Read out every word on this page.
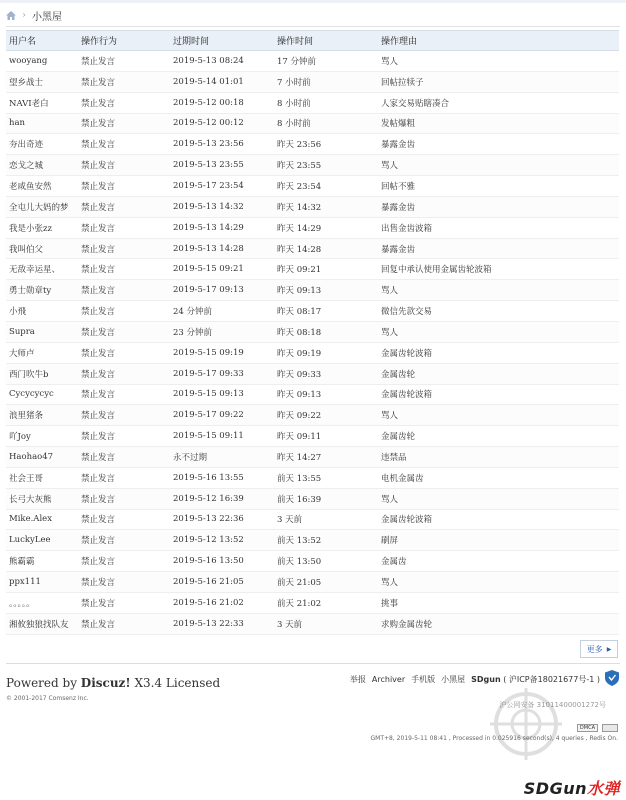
› 小黑屋
用户名	操作行为	过期时间	操作时间	操作理由
wooyang	禁止发言	2019-5-13 08:24	17 分钟前	骂人
望乡战士	禁止发言	2019-5-14 01:01	7 小时前	回帖拉犊子
NAVI老白	禁止发言	2019-5-12 00:18	8 小时前	人家交易贴瞎凑合
han	禁止发言	2019-5-12 00:12	8 小时前	发帖爆粗
夯出奇迹	禁止发言	2019-5-13 23:56	昨天 23:56	暴露金齿
恋戈之城	禁止发言	2019-5-13 23:55	昨天 23:55	骂人
老咸鱼安然	禁止发言	2019-5-17 23:54	昨天 23:54	回帖不雅
全屯儿大妈的梦	禁止发言	2019-5-13 14:32	昨天 14:32	暴露金齿
我是小张zz	禁止发言	2019-5-13 14:29	昨天 14:29	出售金齿波箱
我叫伯父	禁止发言	2019-5-13 14:28	昨天 14:28	暴露金齿
无敌幸运星、	禁止发言	2019-5-15 09:21	昨天 09:21	回复中承认使用金属齿轮波箱
勇士勋章ty	禁止发言	2019-5-17 09:13	昨天 09:13	骂人
小飛	禁止发言	24 分钟前	昨天 08:17	微信先款交易
Supra	禁止发言	23 分钟前	昨天 08:18	骂人
大师卢	禁止发言	2019-5-15 09:19	昨天 09:19	金属齿轮波箱
西门吹牛b	禁止发言	2019-5-17 09:33	昨天 09:33	金属齿轮
Cycycycyc	禁止发言	2019-5-15 09:13	昨天 09:13	金属齿轮波箱
浪里猪条	禁止发言	2019-5-17 09:22	昨天 09:22	骂人
吖Joy	禁止发言	2019-5-15 09:11	昨天 09:11	金属齿轮
Haohao47	禁止发言	永不过期	昨天 14:27	违禁品
社会王哥	禁止发言	2019-5-16 13:55	前天 13:55	电机金属齿
长弓大灰熊	禁止发言	2019-5-12 16:39	前天 16:39	骂人
Mike.Alex	禁止发言	2019-5-13 22:36	3 天前	金属齿轮波箱
LuckyLee	禁止发言	2019-5-12 13:52	前天 13:52	刷屏
熊霸霸	禁止发言	2019-5-16 13:50	前天 13:50	金属齿
ppx111	禁止发言	2019-5-16 21:05	前天 21:05	骂人
。。。。。	禁止发言	2019-5-16 21:02	前天 21:02	挑事
湘攸独狼找队友	禁止发言	2019-5-13 22:33	3 天前	求购金属齿轮
更多 ▶
Powered by Discuz! X3.4 Licensed
© 2001-2017 Comsenz Inc.
举报 Archiver 手机版 小黑屋 SDgun ( 沪ICP备18021677号-1 )
沪公网安备 31011400001272号
DMCA
GMT+8, 2019-5-11 08:41 , Processed in 0.025916 second(s), 4 queries , Redis On.
SDGun水弹
